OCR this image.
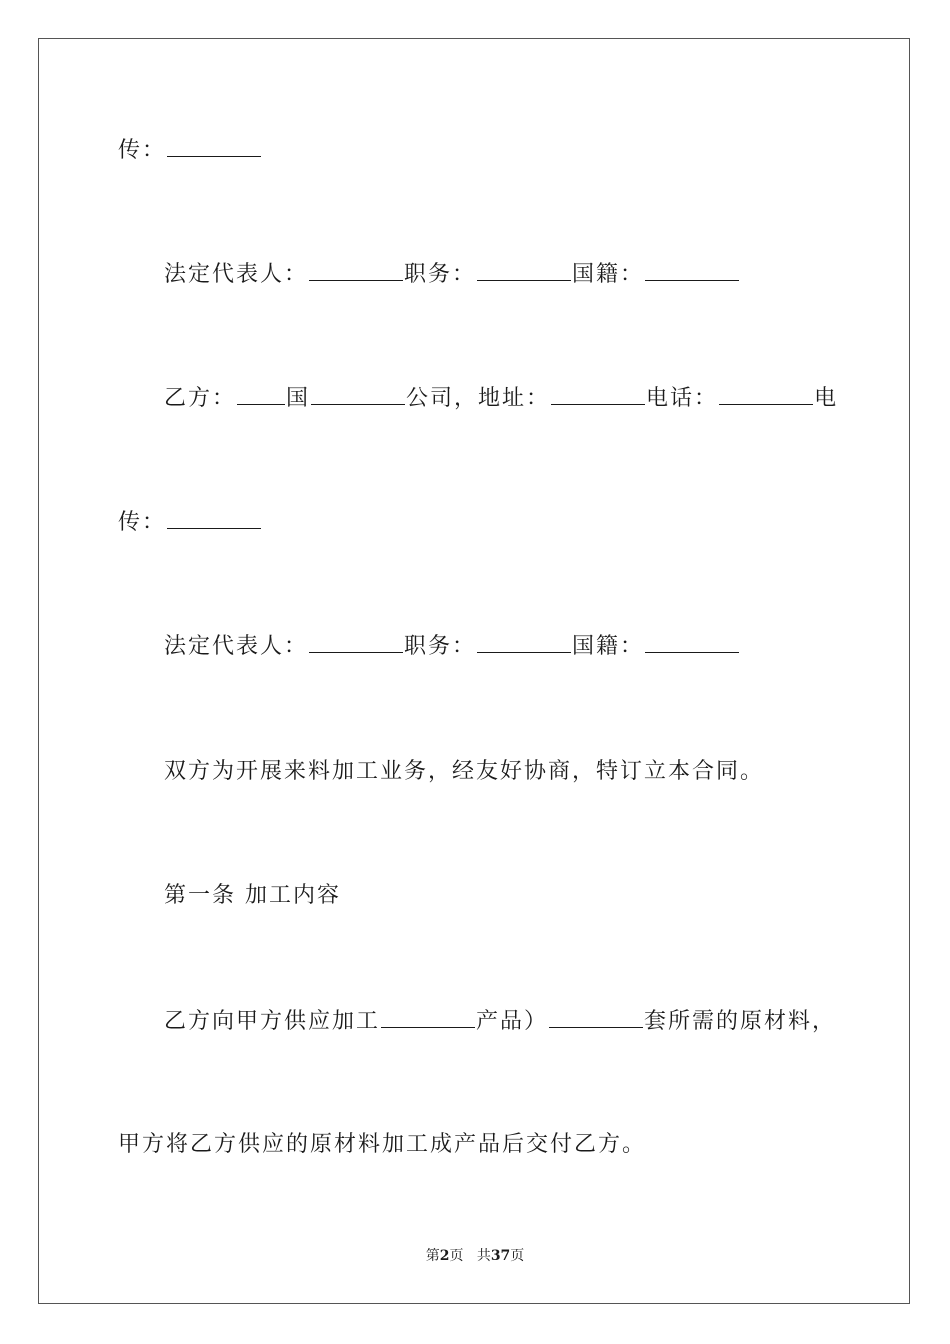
传：
法定代表人：	职务：	国籍：
乙方： 国	公司，地址：	电话：	电
传：
法定代表人：	职务：	国籍：
双方为开展来料加工业务，经友好协商，特订立本合同。
第一条 加工内容
乙方向甲方供应加工	产品）	套所需的原材料，
甲方将乙方供应的原材料加工成产品后交付乙方。
第2页 共37页
